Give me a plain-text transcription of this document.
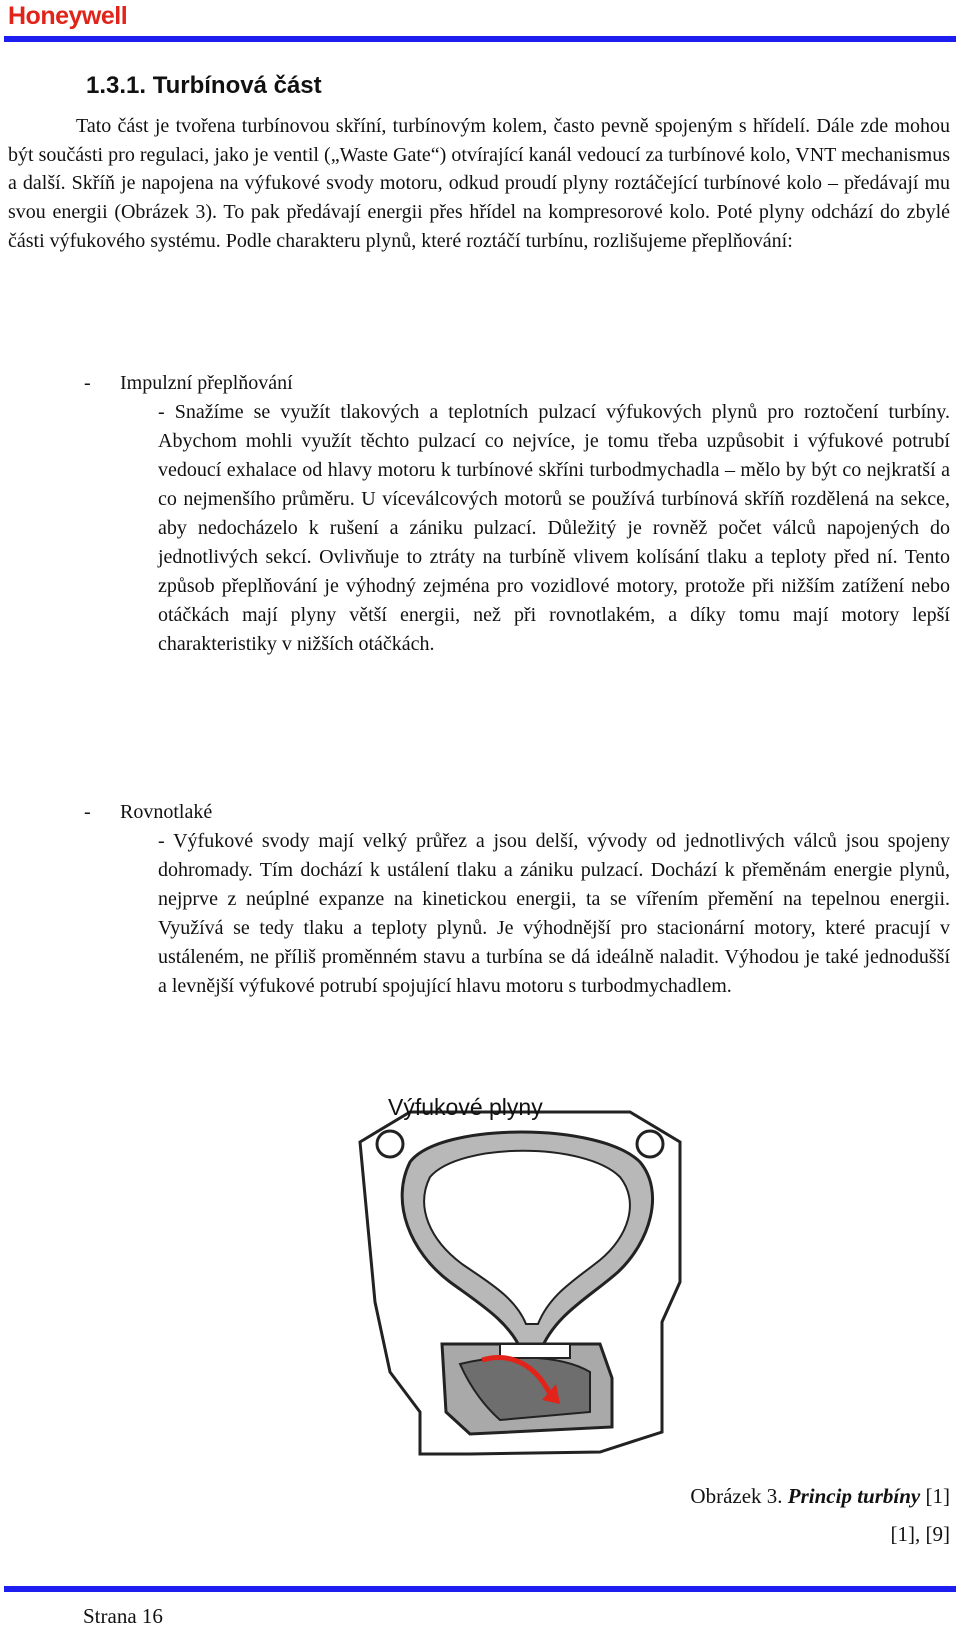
Honeywell
1.3.1. Turbínová část

Tato část je tvořena turbínovou skříní, turbínovým kolem, často pevně spojeným s hřídelí. Dále zde mohou být součásti pro regulaci, jako je ventil („Waste Gate“) otvírající kanál vedoucí za turbínové kolo, VNT mechanismus a další. Skříň je napojena na výfukové svody motoru, odkud proudí plyny roztáčející turbínové kolo – předávají mu svou energii (Obrázek 3). To pak předávají energii přes hřídel na kompresorové kolo. Poté plyny odchází do zbylé části výfukového systému. Podle charakteru plynů, které roztáčí turbínu, rozlišujeme přeplňování:

-	Impulzní přeplňování

- Snažíme se využít tlakových a teplotních pulzací výfukových plynů pro roztočení turbíny. Abychom mohli využít těchto pulzací co nejvíce, je tomu třeba uzpůsobit i výfukové potrubí vedoucí exhalace od hlavy motoru k turbínové skříni turbodmychadla – mělo by být co nejkratší a co nejmenšího průměru. U víceválcových motorů se používá turbínová skříň rozdělená na sekce, aby nedocházelo k rušení a zániku pulzací. Důležitý je rovněž počet válců napojených do jednotlivých sekcí. Ovlivňuje to ztráty na turbíně vlivem kolísání tlaku a teploty před ní. Tento způsob přeplňování je výhodný zejména pro vozidlové motory, protože při nižším zatížení nebo otáčkách mají plyny větší energii, než při rovnotlakém, a díky tomu mají motory lepší charakteristiky v nižších otáčkách.

-	Rovnotlaké

- Výfukové svody mají velký průřez a jsou delší, vývody od jednotlivých válců jsou spojeny dohromady. Tím dochází k ustálení tlaku a zániku pulzací. Dochází k přeměnám energie plynů, nejprve z neúplné expanze na kinetickou energii, ta se vířením přemění na tepelnou energii. Využívá se tedy tlaku a teploty plynů. Je výhodnější pro stacionární motory, které pracují v ustáleném, ne příliš proměnném stavu a turbína se dá ideálně naladit. Výhodou je také jednodušší a levnější výfukové potrubí spojující hlavu motoru s turbodmychadlem.

Výfukové plyny
Obrázek 3. Princip turbíny [1]
[1], [9]
Strana 16
